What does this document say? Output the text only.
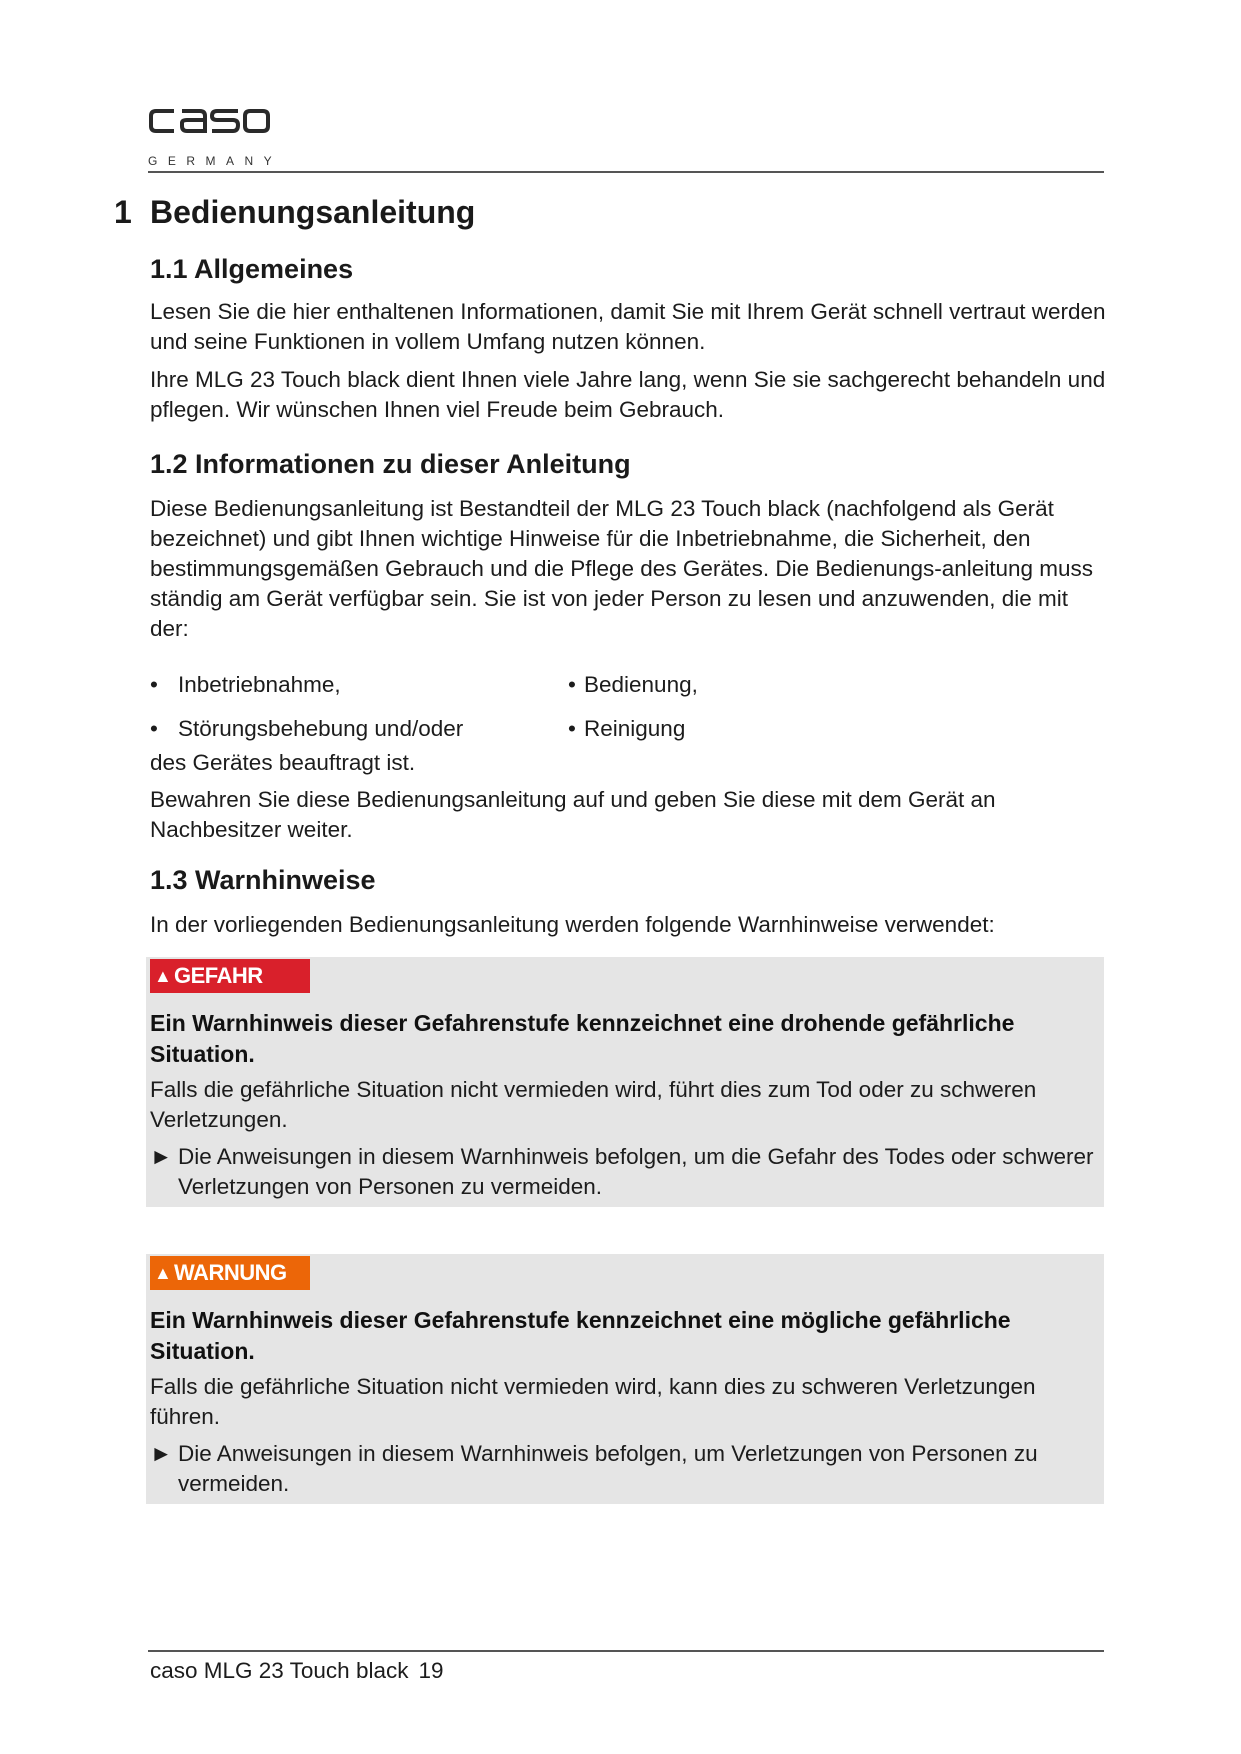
GERMANY
1 Bedienungsanleitung
1.1 Allgemeines

Lesen Sie die hier enthaltenen Informationen, damit Sie mit Ihrem Gerät schnell vertraut werden und seine Funktionen in vollem Umfang nutzen können.

Ihre MLG 23 Touch black dient Ihnen viele Jahre lang, wenn Sie sie sachgerecht behandeln und pflegen. Wir wünschen Ihnen viel Freude beim Gebrauch.

1.2 Informationen zu dieser Anleitung
Diese Bedienungsanleitung ist Bestandteil der MLG 23 Touch black (nachfolgend als Gerät bezeichnet) und gibt Ihnen wichtige Hinweise für die Inbetriebnahme, die Sicherheit, den bestimmungsgemäßen Gebrauch und die Pflege des Gerätes. Die Bedienungs-anleitung muss ständig am Gerät verfügbar sein. Sie ist von jeder Person zu lesen und anzuwenden, die mit der:
• Inbetriebnahme,	• Bedienung,
• Störungsbehebung und/oder	• Reinigung
des Gerätes beauftragt ist.
Bewahren Sie diese Bedienungsanleitung auf und geben Sie diese mit dem Gerät an Nachbesitzer weiter.
1.3 Warnhinweise
In der vorliegenden Bedienungsanleitung werden folgende Warnhinweise verwendet:
▲ GEFAHR
Ein Warnhinweis dieser Gefahrenstufe kennzeichnet eine drohende gefährliche Situation.
Falls die gefährliche Situation nicht vermieden wird, führt dies zum Tod oder zu schweren Verletzungen.
► Die Anweisungen in diesem Warnhinweis befolgen, um die Gefahr des Todes oder schwerer Verletzungen von Personen zu vermeiden.
▲ WARNUNG
Ein Warnhinweis dieser Gefahrenstufe kennzeichnet eine mögliche gefährliche Situation.
Falls die gefährliche Situation nicht vermieden wird, kann dies zu schweren Verletzungen führen.
► Die Anweisungen in diesem Warnhinweis befolgen, um Verletzungen von Personen zu vermeiden.
caso MLG 23 Touch black 19
